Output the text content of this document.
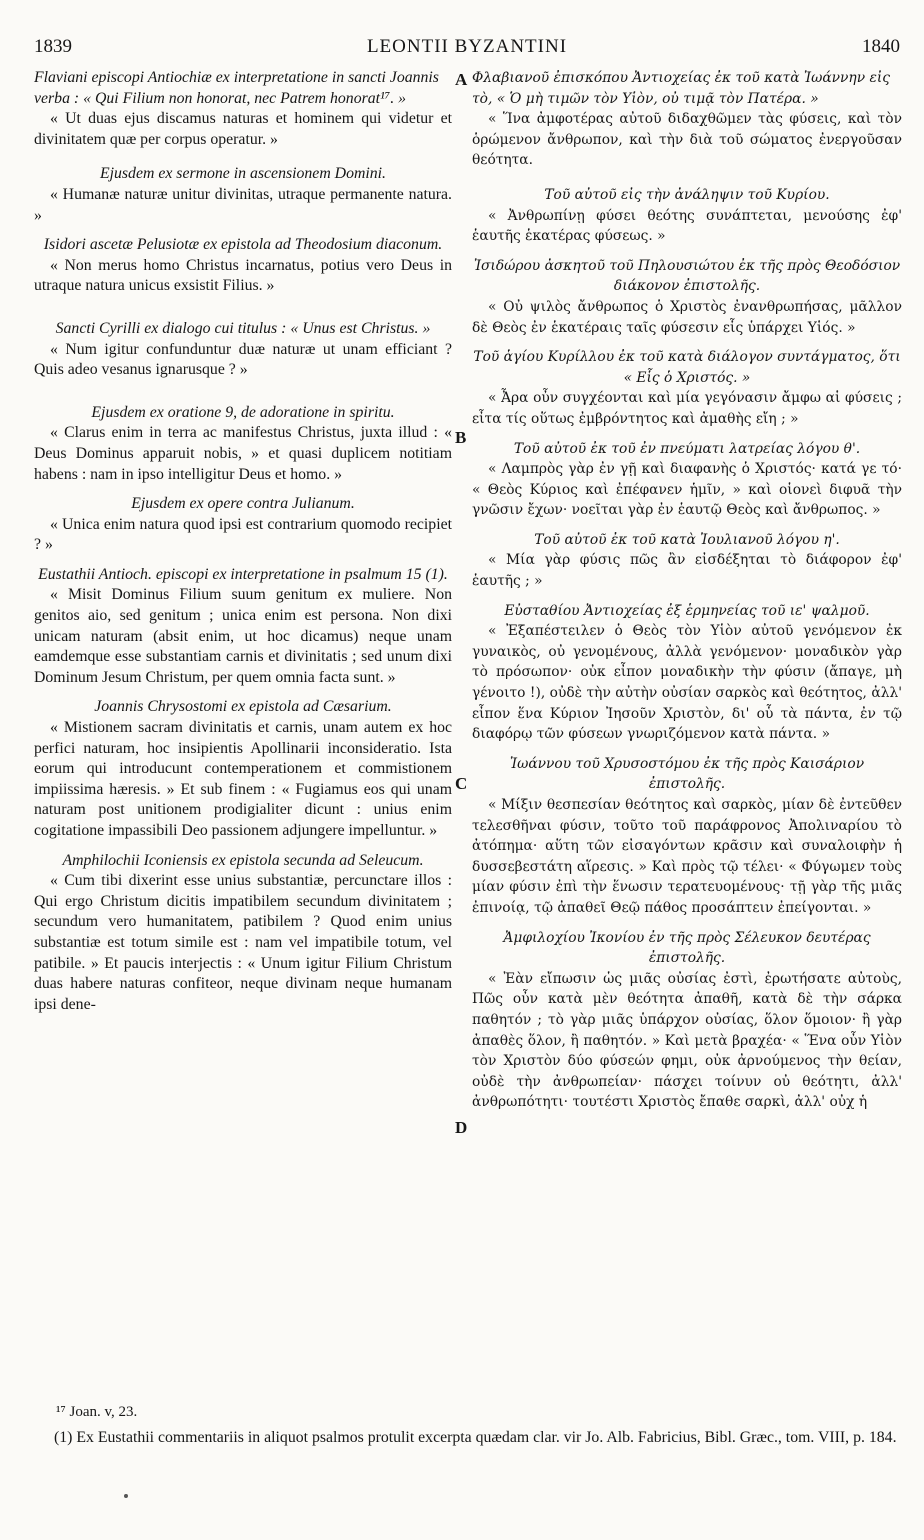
1839	LEONTII BYZANTINI	1840

Flaviani episcopi Antiochiæ ex interpretatione in sancti Joannis verba : « Qui Filium non honorat, nec Patrem honorat¹⁷. »

« Ut duas ejus discamus naturas et hominem qui videtur et divinitatem quæ per corpus operatur. »

Ejusdem ex sermone in ascensionem Domini.

« Humanæ naturæ unitur divinitas, utraque permanente natura. »

Isidori ascetæ Pelusiotæ ex epistola ad Theodosium diaconum.

« Non merus homo Christus incarnatus, potius vero Deus in utraque natura unicus exsistit Filius. »

Sancti Cyrilli ex dialogo cui titulus : « Unus est Christus. »

« Num igitur confunduntur duæ naturæ ut unam efficiant ? Quis adeo vesanus ignarusque ? »

Ejusdem ex oratione 9, de adoratione in spiritu.

« Clarus enim in terra ac manifestus Christus, juxta illud : « Deus Dominus apparuit nobis, » et quasi duplicem notitiam habens : nam in ipso intelligitur Deus et homo. »

Ejusdem ex opere contra Julianum.

« Unica enim natura quod ipsi est contrarium quomodo recipiet ? »

Eustathii Antioch. episcopi ex interpretatione in psalmum 15 (1).

« Misit Dominus Filium suum genitum ex muliere. Non genitos aio, sed genitum ; unica enim est persona. Non dixi unicam naturam (absit enim, ut hoc dicamus) neque unam eamdemque esse substantiam carnis et divinitatis ; sed unum dixi Dominum Jesum Christum, per quem omnia facta sunt. »

Joannis Chrysostomi ex epistola ad Cæsarium.

« Mistionem sacram divinitatis et carnis, unam autem ex hoc perfici naturam, hoc insipientis Apollinarii inconsideratio. Ista eorum qui introducunt contemperationem et commistionem impiissima hæresis. » Et sub finem : « Fugiamus eos qui unam naturam post unitionem prodigialiter dicunt : unius enim cogitatione impassibili Deo passionem adjungere impelluntur. »

Amphilochii Iconiensis ex epistola secunda ad Seleucum.

« Cum tibi dixerint esse unius substantiæ, percunctare illos : Qui ergo Christum dicitis impatibilem secundum divinitatem ; secundum vero humanitatem, patibilem ? Quod enim unius substantiæ est totum simile est : nam vel impatibile totum, vel patibile. » Et paucis interjectis : « Unum igitur Filium Christum duas habere naturas confiteor, neque divinam neque humanam ipsi dene-

A
B
C
D

Φλαβιανοῦ ἐπισκόπου Ἀντιοχείας ἐκ τοῦ κατὰ Ἰωάννην εἰς τὸ, « Ὁ μὴ τιμῶν τὸν Υἱὸν, οὐ τιμᾷ τὸν Πατέρα. »

« Ἵνα ἀμφοτέρας αὐτοῦ διδαχθῶμεν τὰς φύσεις, καὶ τὸν ὁρώμενον ἄνθρωπον, καὶ τὴν διὰ τοῦ σώματος ἐνεργοῦσαν θεότητα.

Τοῦ αὐτοῦ εἰς τὴν ἀνάληψιν τοῦ Κυρίου.

« Ἀνθρωπίνῃ φύσει θεότης συνάπτεται, μενούσης ἐφ' ἑαυτῆς ἑκατέρας φύσεως. »

Ἰσιδώρου ἀσκητοῦ τοῦ Πηλουσιώτου ἐκ τῆς πρὸς Θεοδόσιον διάκονον ἐπιστολῆς.

« Οὐ ψιλὸς ἄνθρωπος ὁ Χριστὸς ἐνανθρωπήσας, μᾶλλον δὲ Θεὸς ἐν ἑκατέραις ταῖς φύσεσιν εἷς ὑπάρχει Υἱός. »

Τοῦ ἁγίου Κυρίλλου ἐκ τοῦ κατὰ διάλογον συντάγματος, ὅτι « Εἷς ὁ Χριστός. »

« Ἆρα οὖν συγχέονται καὶ μία γεγόνασιν ἄμφω αἱ φύσεις ; εἶτα τίς οὕτως ἐμβρόντητος καὶ ἀμαθὴς εἴη ; »

Τοῦ αὐτοῦ ἐκ τοῦ ἐν πνεύματι λατρείας λόγου θ'.

« Λαμπρὸς γὰρ ἐν γῇ καὶ διαφανὴς ὁ Χριστός· κατά γε τό· « Θεὸς Κύριος καὶ ἐπέφανεν ἡμῖν, » καὶ οἱονεὶ διφυᾶ τὴν γνῶσιν ἔχων· νοεῖται γὰρ ἐν ἑαυτῷ Θεὸς καὶ ἄνθρωπος. »

Τοῦ αὐτοῦ ἐκ τοῦ κατὰ Ἰουλιανοῦ λόγου η'.

« Μία γὰρ φύσις πῶς ἂν εἰσδέξηται τὸ διάφορον ἐφ' ἑαυτῆς ; »

Εὐσταθίου Ἀντιοχείας ἐξ ἑρμηνείας τοῦ ιε' ψαλμοῦ.

« Ἐξαπέστειλεν ὁ Θεὸς τὸν Υἱὸν αὐτοῦ γενόμενον ἐκ γυναικὸς, οὐ γενομένους, ἀλλὰ γενόμενον· μοναδικὸν γὰρ τὸ πρόσωπον· οὐκ εἶπον μοναδικὴν τὴν φύσιν (ἄπαγε, μὴ γένοιτο !), οὐδὲ τὴν αὐτὴν οὐσίαν σαρκὸς καὶ θεότητος, ἀλλ' εἶπον ἕνα Κύριον Ἰησοῦν Χριστὸν, δι' οὗ τὰ πάντα, ἐν τῷ διαφόρῳ τῶν φύσεων γνωριζόμενον κατὰ πάντα. »

Ἰωάννου τοῦ Χρυσοστόμου ἐκ τῆς πρὸς Καισάριον ἐπιστολῆς.

« Μίξιν θεσπεσίαν θεότητος καὶ σαρκὸς, μίαν δὲ ἐντεῦθεν τελεσθῆναι φύσιν, τοῦτο τοῦ παράφρονος Ἀπολιναρίου τὸ ἀτόπημα· αὕτη τῶν εἰσαγόντων κρᾶσιν καὶ συναλοιφὴν ἡ δυσσεβεστάτη αἵρεσις. » Καὶ πρὸς τῷ τέλει· « Φύγωμεν τοὺς μίαν φύσιν ἐπὶ τὴν ἕνωσιν τερατευομένους· τῇ γὰρ τῆς μιᾶς ἐπινοίᾳ, τῷ ἀπαθεῖ Θεῷ πάθος προσάπτειν ἐπείγονται. »

Ἀμφιλοχίου Ἰκονίου ἐν τῆς πρὸς Σέλευκον δευτέρας ἐπιστολῆς.

« Ἐὰν εἴπωσιν ὡς μιᾶς οὐσίας ἐστὶ, ἐρωτήσατε αὐτοὺς, Πῶς οὖν κατὰ μὲν θεότητα ἀπαθῆ, κατὰ δὲ τὴν σάρκα παθητόν ; τὸ γὰρ μιᾶς ὑπάρχον οὐσίας, ὅλον ὅμοιον· ἢ γὰρ ἀπαθὲς ὅλον, ἢ παθητόν. » Καὶ μετὰ βραχέα· « Ἕνα οὖν Υἱὸν τὸν Χριστὸν δύο φύσεών φημι, οὐκ ἀρνούμενος τὴν θείαν, οὐδὲ τὴν ἀνθρωπείαν· πάσχει τοίνυν οὐ θεότητι, ἀλλ' ἀνθρωπότητι· τουτέστι Χριστὸς ἔπαθε σαρκὶ, ἀλλ' οὐχ ἡ

¹⁷ Joan. v, 23.
(1) Ex Eustathii commentariis in aliquot psalmos protulit excerpta quædam clar. vir Jo. Alb. Fabricius, Bibl. Græc., tom. VIII, p. 184.
